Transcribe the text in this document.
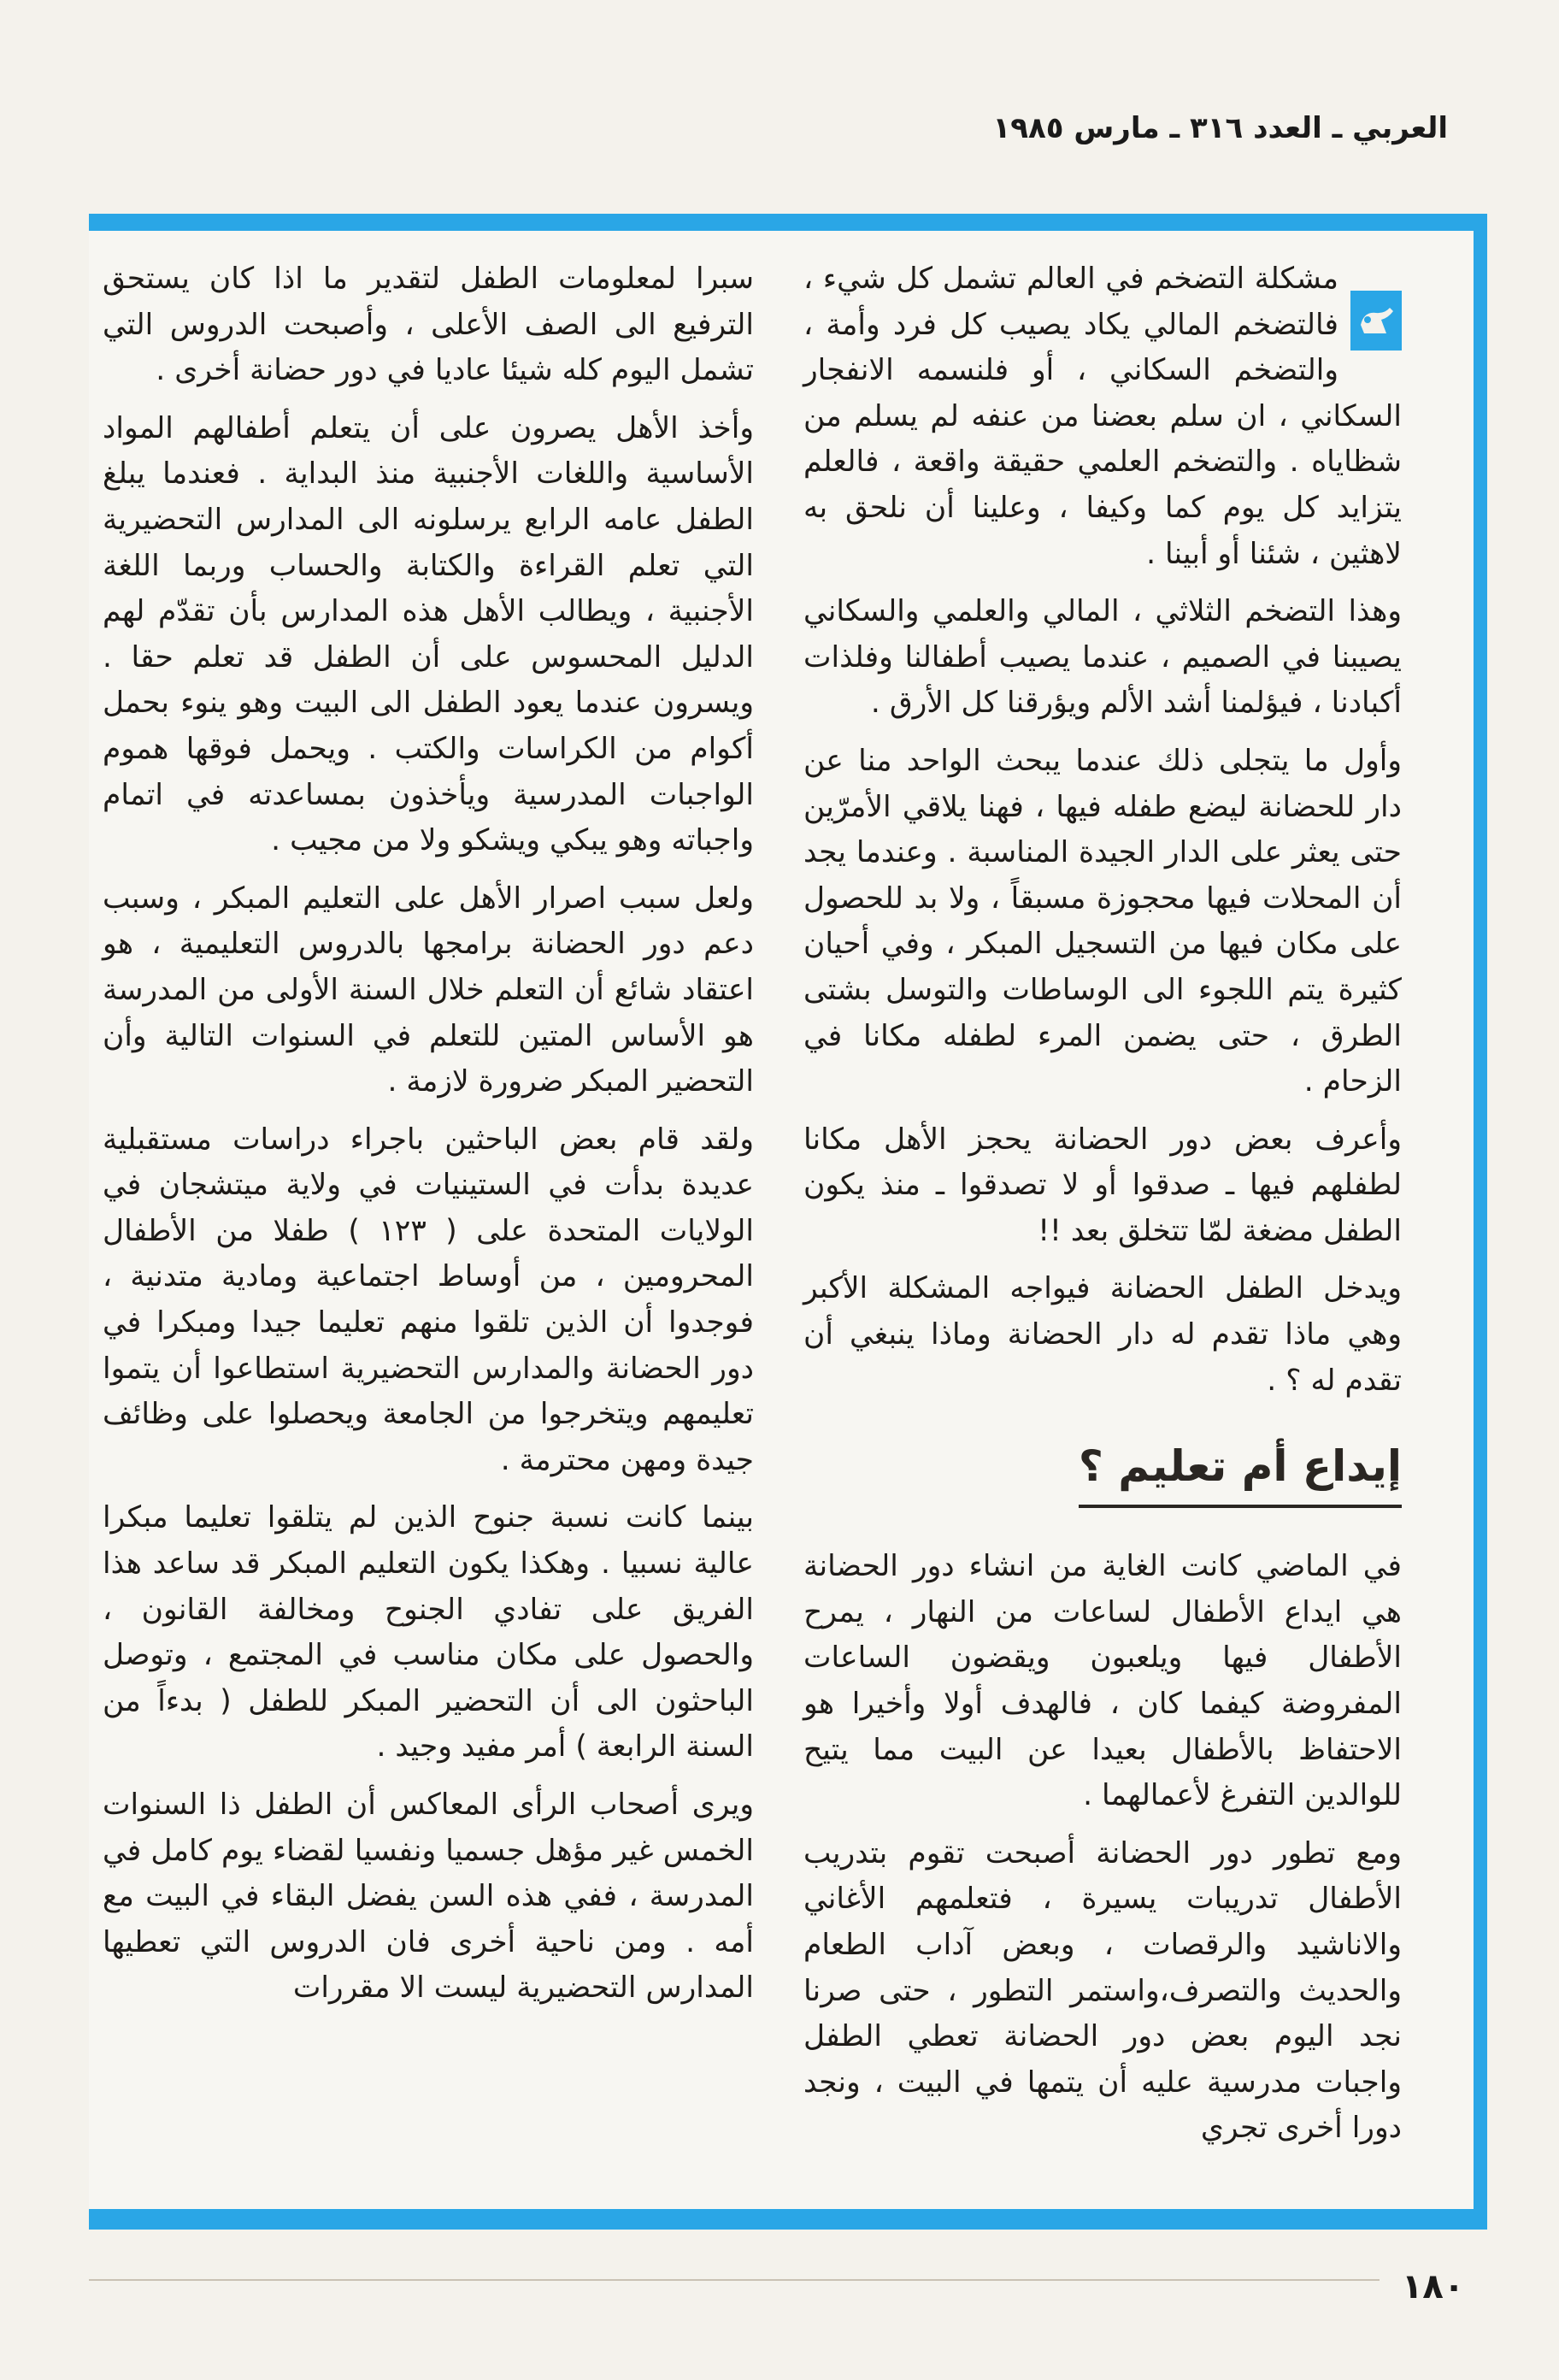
العربي ـ العدد ٣١٦ ـ مارس ١٩٨٥

مشكلة التضخم في العالم تشمل كل شيء ، فالتضخم المالي يكاد يصيب كل فرد وأمة ، والتضخم السكاني ، أو فلنسمه الانفجار السكاني ، ان سلم بعضنا من عنفه لم يسلم من شظاياه . والتضخم العلمي حقيقة واقعة ، فالعلم يتزايد كل يوم كما وكيفا ، وعلينا أن نلحق به لاهثين ، شئنا أو أبينا .

وهذا التضخم الثلاثي ، المالي والعلمي والسكاني يصيبنا في الصميم ، عندما يصيب أطفالنا وفلذات أكبادنا ، فيؤلمنا أشد الألم ويؤرقنا كل الأرق .

وأول ما يتجلى ذلك عندما يبحث الواحد منا عن دار للحضانة ليضع طفله فيها ، فهنا يلاقي الأمرّين حتى يعثر على الدار الجيدة المناسبة . وعندما يجد أن المحلات فيها محجوزة مسبقاً ، ولا بد للحصول على مكان فيها من التسجيل المبكر ، وفي أحيان كثيرة يتم اللجوء الى الوساطات والتوسل بشتى الطرق ، حتى يضمن المرء لطفله مكانا في الزحام .

وأعرف بعض دور الحضانة يحجز الأهل مكانا لطفلهم فيها ـ صدقوا أو لا تصدقوا ـ منذ يكون الطفل مضغة لمّا تتخلق بعد !!

ويدخل الطفل الحضانة فيواجه المشكلة الأكبر وهي ماذا تقدم له دار الحضانة وماذا ينبغي أن تقدم له ؟ .

إيداع أم تعليم ؟

في الماضي كانت الغاية من انشاء دور الحضانة هي ايداع الأطفال لساعات من النهار ، يمرح الأطفال فيها ويلعبون ويقضون الساعات المفروضة كيفما كان ، فالهدف أولا وأخيرا هو الاحتفاظ بالأطفال بعيدا عن البيت مما يتيح للوالدين التفرغ لأعمالهما .

ومع تطور دور الحضانة أصبحت تقوم بتدريب الأطفال تدريبات يسيرة ، فتعلمهم الأغاني والاناشيد والرقصات ، وبعض آداب الطعام والحديث والتصرف،واستمر التطور ، حتى صرنا نجد اليوم بعض دور الحضانة تعطي الطفل واجبات مدرسية عليه أن يتمها في البيت ، ونجد دورا أخرى تجري

سبرا لمعلومات الطفل لتقدير ما اذا كان يستحق الترفيع الى الصف الأعلى ، وأصبحت الدروس التي تشمل اليوم كله شيئا عاديا في دور حضانة أخرى .

وأخذ الأهل يصرون على أن يتعلم أطفالهم المواد الأساسية واللغات الأجنبية منذ البداية . فعندما يبلغ الطفل عامه الرابع يرسلونه الى المدارس التحضيرية التي تعلم القراءة والكتابة والحساب وربما اللغة الأجنبية ، ويطالب الأهل هذه المدارس بأن تقدّم لهم الدليل المحسوس على أن الطفل قد تعلم حقا . ويسرون عندما يعود الطفل الى البيت وهو ينوء بحمل أكوام من الكراسات والكتب . ويحمل فوقها هموم الواجبات المدرسية ويأخذون بمساعدته في اتمام واجباته وهو يبكي ويشكو ولا من مجيب .

ولعل سبب اصرار الأهل على التعليم المبكر ، وسبب دعم دور الحضانة برامجها بالدروس التعليمية ، هو اعتقاد شائع أن التعلم خلال السنة الأولى من المدرسة هو الأساس المتين للتعلم في السنوات التالية وأن التحضير المبكر ضرورة لازمة .

ولقد قام بعض الباحثين باجراء دراسات مستقبلية عديدة بدأت في الستينيات في ولاية ميتشجان في الولايات المتحدة على ( ١٢٣ ) طفلا من الأطفال المحرومين ، من أوساط اجتماعية ومادية متدنية ، فوجدوا أن الذين تلقوا منهم تعليما جيدا ومبكرا في دور الحضانة والمدارس التحضيرية استطاعوا أن يتموا تعليمهم ويتخرجوا من الجامعة ويحصلوا على وظائف جيدة ومهن محترمة .

بينما كانت نسبة جنوح الذين لم يتلقوا تعليما مبكرا عالية نسبيا . وهكذا يكون التعليم المبكر قد ساعد هذا الفريق على تفادي الجنوح ومخالفة القانون ، والحصول على مكان مناسب في المجتمع ، وتوصل الباحثون الى أن التحضير المبكر للطفل ( بدءاً من السنة الرابعة ) أمر مفيد وجيد .

ويرى أصحاب الرأى المعاكس أن الطفل ذا السنوات الخمس غير مؤهل جسميا ونفسيا لقضاء يوم كامل في المدرسة ، ففي هذه السن يفضل البقاء في البيت مع أمه . ومن ناحية أخرى فان الدروس التي تعطيها المدارس التحضيرية ليست الا مقررات

١٨٠
